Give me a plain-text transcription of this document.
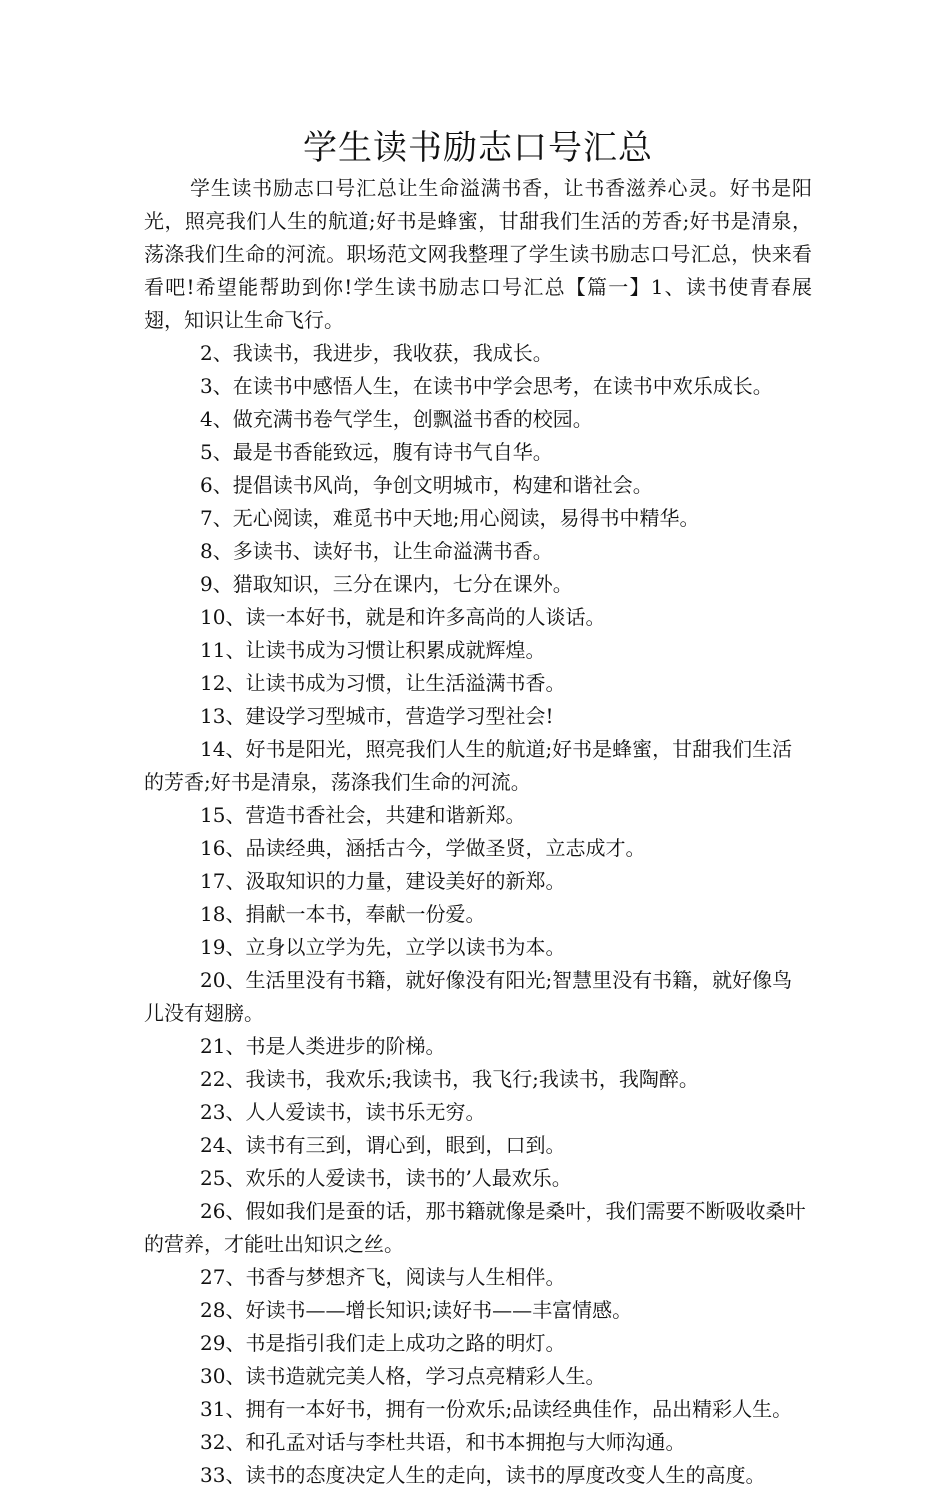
学生读书励志口号汇总

学生读书励志口号汇总让生命溢满书香，让书香滋养心灵。好书是阳光，照亮我们人生的航道;好书是蜂蜜，甘甜我们生活的芳香;好书是清泉，荡涤我们生命的河流。职场范文网我整理了学生读书励志口号汇总，快来看看吧!希望能帮助到你!学生读书励志口号汇总【篇一】1、读书使青春展翅，知识让生命飞行。

2、我读书，我进步，我收获，我成长。
3、在读书中感悟人生，在读书中学会思考，在读书中欢乐成长。
4、做充满书卷气学生，创飘溢书香的校园。
5、最是书香能致远，腹有诗书气自华。
6、提倡读书风尚，争创文明城市，构建和谐社会。
7、无心阅读，难觅书中天地;用心阅读，易得书中精华。
8、多读书、读好书，让生命溢满书香。
9、猎取知识，三分在课内，七分在课外。
10、读一本好书，就是和许多高尚的人谈话。
11、让读书成为习惯让积累成就辉煌。
12、让读书成为习惯，让生活溢满书香。
13、建设学习型城市，营造学习型社会!
14、好书是阳光，照亮我们人生的航道;好书是蜂蜜，甘甜我们生活的芳香;好书是清泉，荡涤我们生命的河流。
15、营造书香社会，共建和谐新郑。
16、品读经典，涵括古今，学做圣贤，立志成才。
17、汲取知识的力量，建设美好的新郑。
18、捐献一本书，奉献一份爱。
19、立身以立学为先，立学以读书为本。
20、生活里没有书籍，就好像没有阳光;智慧里没有书籍，就好像鸟儿没有翅膀。
21、书是人类进步的阶梯。
22、我读书，我欢乐;我读书，我飞行;我读书，我陶醉。
23、人人爱读书，读书乐无穷。
24、读书有三到，谓心到，眼到，口到。
25、欢乐的人爱读书，读书的’人最欢乐。
26、假如我们是蚕的话，那书籍就像是桑叶，我们需要不断吸收桑叶的营养，才能吐出知识之丝。
27、书香与梦想齐飞，阅读与人生相伴。
28、好读书——增长知识;读好书——丰富情感。
29、书是指引我们走上成功之路的明灯。
30、读书造就完美人格，学习点亮精彩人生。
31、拥有一本好书，拥有一份欢乐;品读经典佳作，品出精彩人生。
32、和孔孟对话与李杜共语，和书本拥抱与大师沟通。
33、读书的态度决定人生的走向，读书的厚度改变人生的高度。
